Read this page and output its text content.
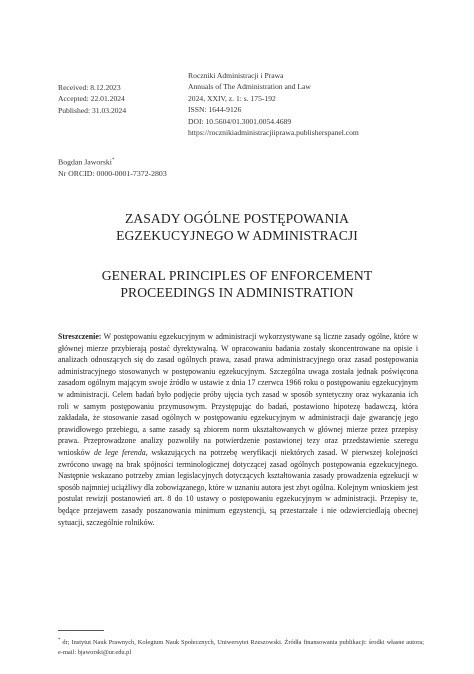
Received: 8.12.2023
Accepted: 22.01.2024
Published: 31.03.2024
Roczniki Administracji i Prawa
Annuals of The Administration and Law
2024, XXIV, z. 1: s. 175-192
ISSN: 1644-9126
DOI: 10.5604/01.3001.0054.4689
https://rocznikiadministracjiiprawa.publisherspanel.com
Bogdan Jaworski*
Nr ORCID: 0000-0001-7372-2803
ZASADY OGÓLNE POSTĘPOWANIA
EGZEKUCYJNEGO W ADMINISTRACJI
GENERAL PRINCIPLES OF ENFORCEMENT
PROCEEDINGS IN ADMINISTRATION
Streszczenie: W postępowaniu egzekucyjnym w administracji wykorzystywane są liczne zasady ogólne, które w głównej mierze przybierają postać dyrektywalną. W opracowaniu badania zostały skoncentrowane na opisie i analizach odnoszących się do zasad ogólnych prawa, zasad prawa administracyjnego oraz zasad postępowania administracyjnego stosowanych w postępowaniu egzekucyjnym. Szczególna uwaga została jednak poświęcona zasadom ogólnym mającym swoje źródło w ustawie z dnia 17 czerwca 1966 roku o postępowaniu egzekucyjnym w administracji. Celem badań było podjęcie próby ujęcia tych zasad w sposób syntetyczny oraz wykazania ich roli w samym postępowaniu przymusowym. Przystępując do badań, postawiono hipotezę badawczą, która zakładała, że stosowanie zasad ogólnych w postępowaniu egzekucyjnym w administracji daje gwarancję jego prawidłowego przebiegu, a same zasady są zbiorem norm ukształtowanych w głównej mierze przez przepisy prawa. Przeprowadzone analizy pozwoliły na potwierdzenie postawionej tezy oraz przedstawienie szeregu wniosków de lege ferenda, wskazujących na potrzebę weryfikacji niektórych zasad. W pierwszej kolejności zwrócono uwagę na brak spójności terminologicznej dotyczącej zasad ogólnych postępowania egzekucyjnego. Następnie wskazano potrzeby zmian legislacyjnych dotyczących kształtowania zasady prowadzenia egzekucji w sposób najmniej uciążliwy dla zobowiązanego, które w uznaniu autora jest zbyt ogólna. Kolejnym wnioskiem jest postulat rewizji postanowień art. 8 do 10 ustawy o postępowaniu egzekucyjnym w administracji. Przepisy te, będące przejawem zasady poszanowania minimum egzystencji, są przestarzałe i nie odzwierciedlają obecnej sytuacji, szczególnie rolników.
* dr; Instytut Nauk Prawnych, Kolegium Nauk Społecznych, Uniwersytet Rzeszowski. Źródła finansowania publikacji: środki własne autora; e-mail: bjaworski@ur.edu.pl
